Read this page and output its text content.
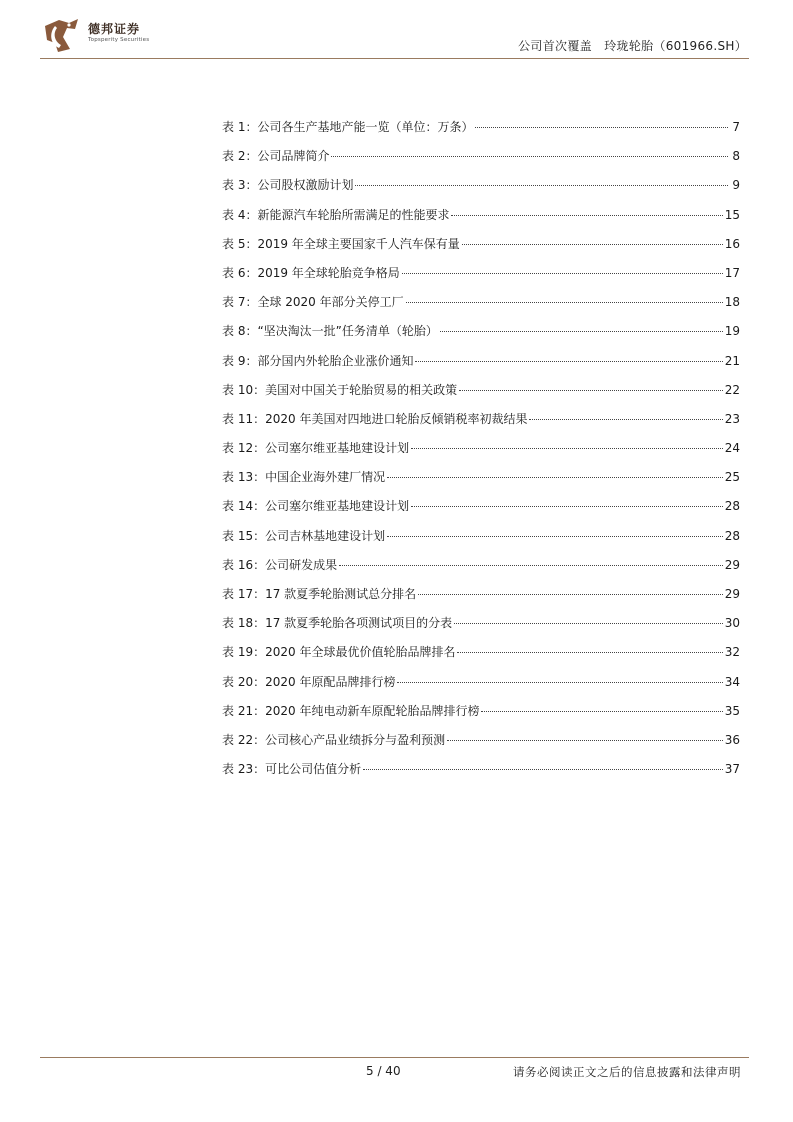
德邦证券
Topsperity Securities	公司首次覆盖　玲珑轮胎（601966.SH）
表 1：公司各生产基地产能一览（单位：万条）	7
表 2：公司品牌简介	8
表 3：公司股权激励计划	9
表 4：新能源汽车轮胎所需满足的性能要求	15
表 5：2019 年全球主要国家千人汽车保有量	16
表 6：2019 年全球轮胎竞争格局	17
表 7：全球 2020 年部分关停工厂	18
表 8：“坚决淘汰一批”任务清单（轮胎）	19
表 9：部分国内外轮胎企业涨价通知	21
表 10：美国对中国关于轮胎贸易的相关政策	22
表 11：2020 年美国对四地进口轮胎反倾销税率初裁结果	23
表 12：公司塞尔维亚基地建设计划	24
表 13：中国企业海外建厂情况	25
表 14：公司塞尔维亚基地建设计划	28
表 15：公司吉林基地建设计划	28
表 16：公司研发成果	29
表 17：17 款夏季轮胎测试总分排名	29
表 18：17 款夏季轮胎各项测试项目的分表	30
表 19：2020 年全球最优价值轮胎品牌排名	32
表 20：2020 年原配品牌排行榜	34
表 21：2020 年纯电动新车原配轮胎品牌排行榜	35
表 22：公司核心产品业绩拆分与盈利预测	36
表 23：可比公司估值分析	37
5 / 40	请务必阅读正文之后的信息披露和法律声明
